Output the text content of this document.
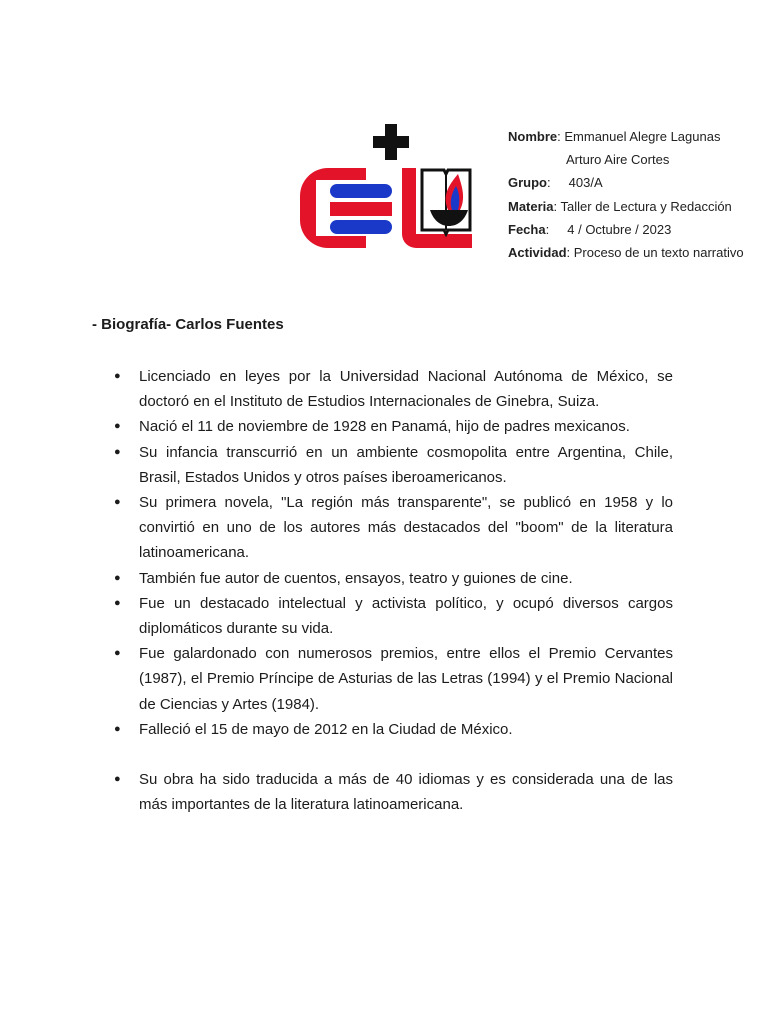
Nombre: Emmanuel Alegre Lagunas
Arturo Aire Cortes
Grupo:     403/A
Materia: Taller de Lectura y Redacción
Fecha:     4 / Octubre / 2023
Actividad: Proceso de un texto narrativo
- Biografía- Carlos Fuentes
● Licenciado en leyes por la Universidad Nacional Autónoma de México, se doctoró en el Instituto de Estudios Internacionales de Ginebra, Suiza.
● Nació el 11 de noviembre de 1928 en Panamá, hijo de padres mexicanos.
● Su infancia transcurrió en un ambiente cosmopolita entre Argentina, Chile, Brasil, Estados Unidos y otros países iberoamericanos.
● Su primera novela, "La región más transparente", se publicó en 1958 y lo convirtió en uno de los autores más destacados del "boom" de la literatura latinoamericana.
● También fue autor de cuentos, ensayos, teatro y guiones de cine.
● Fue un destacado intelectual y activista político, y ocupó diversos cargos diplomáticos durante su vida.
● Fue galardonado con numerosos premios, entre ellos el Premio Cervantes (1987), el Premio Príncipe de Asturias de las Letras (1994) y el Premio Nacional de Ciencias y Artes (1984).
● Falleció el 15 de mayo de 2012 en la Ciudad de México.
● Su obra ha sido traducida a más de 40 idiomas y es considerada una de las más importantes de la literatura latinoamericana.
